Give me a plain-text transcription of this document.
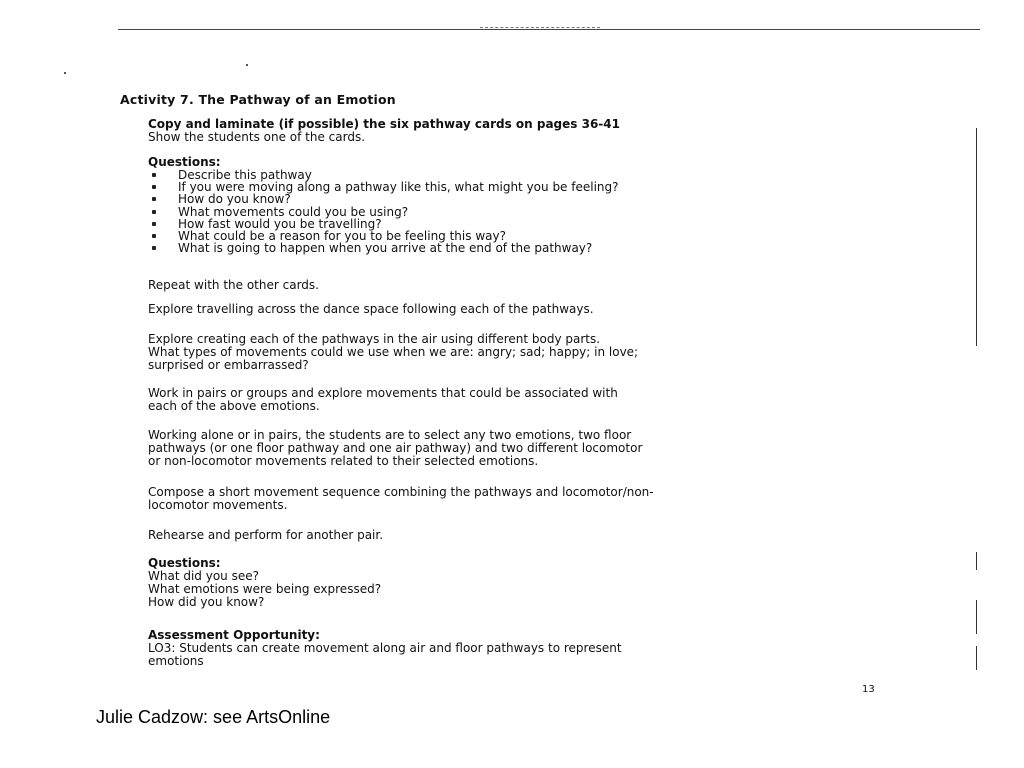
Activity 7. The Pathway of an Emotion
Copy and laminate (if possible) the six pathway cards on pages 36-41
Show the students one of the cards.
Questions:
Describe this pathway
If you were moving along a pathway like this, what might you be feeling?
How do you know?
What movements could you be using?
How fast would you be travelling?
What could be a reason for you to be feeling this way?
What is going to happen when you arrive at the end of the pathway?
Repeat with the other cards.
Explore travelling across the dance space following each of the pathways.
Explore creating each of the pathways in the air using different body parts.
What types of movements could we use when we are: angry; sad; happy; in love;
surprised or embarrassed?
Work in pairs or groups and explore movements that could be associated with
each of the above emotions.
Working alone or in pairs, the students are to select any two emotions, two floor
pathways (or one floor pathway and one air pathway) and two different locomotor
or non-locomotor movements related to their selected emotions.
Compose a short movement sequence combining the pathways and locomotor/non-
locomotor movements.
Rehearse and perform for another pair.
Questions:
What did you see?
What emotions were being expressed?
How did you know?
Assessment Opportunity:
LO3: Students can create movement along air and floor pathways to represent
emotions
13
Julie Cadzow: see ArtsOnline
